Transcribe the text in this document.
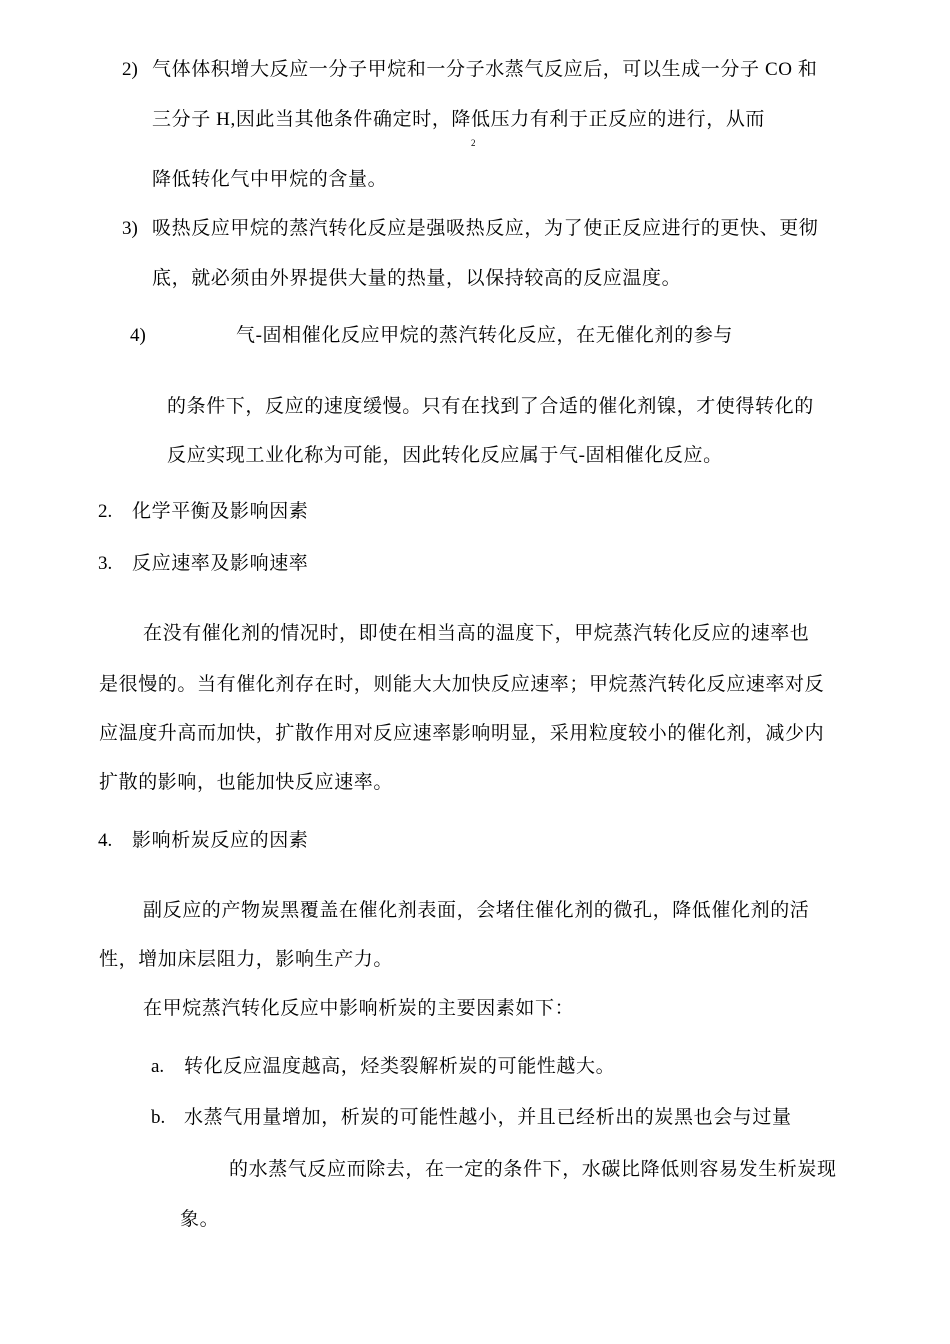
2) 气体体积增大反应一分子甲烷和一分子水蒸气反应后，可以生成一分子 CO 和
三分子 H,因此当其他条件确定时，降低压力有利于正反应的进行，从而
2
降低转化气中甲烷的含量。
3) 吸热反应甲烷的蒸汽转化反应是强吸热反应，为了使正反应进行的更快、更彻
底，就必须由外界提供大量的热量，以保持较高的反应温度。
4)	气-固相催化反应甲烷的蒸汽转化反应，在无催化剂的参与
的条件下，反应的速度缓慢。只有在找到了合适的催化剂镍，才使得转化的
反应实现工业化称为可能，因此转化反应属于气-固相催化反应。
2. 化学平衡及影响因素
3. 反应速率及影响速率
在没有催化剂的情况时，即使在相当高的温度下，甲烷蒸汽转化反应的速率也
是很慢的。当有催化剂存在时，则能大大加快反应速率；甲烷蒸汽转化反应速率对反
应温度升高而加快，扩散作用对反应速率影响明显，采用粒度较小的催化剂，减少内
扩散的影响，也能加快反应速率。
4. 影响析炭反应的因素
副反应的产物炭黑覆盖在催化剂表面，会堵住催化剂的微孔，降低催化剂的活
性，增加床层阻力，影响生产力。
在甲烷蒸汽转化反应中影响析炭的主要因素如下：
a. 转化反应温度越高，烃类裂解析炭的可能性越大。
b. 水蒸气用量增加，析炭的可能性越小，并且已经析出的炭黑也会与过量
的水蒸气反应而除去，在一定的条件下，水碳比降低则容易发生析炭现
象。
